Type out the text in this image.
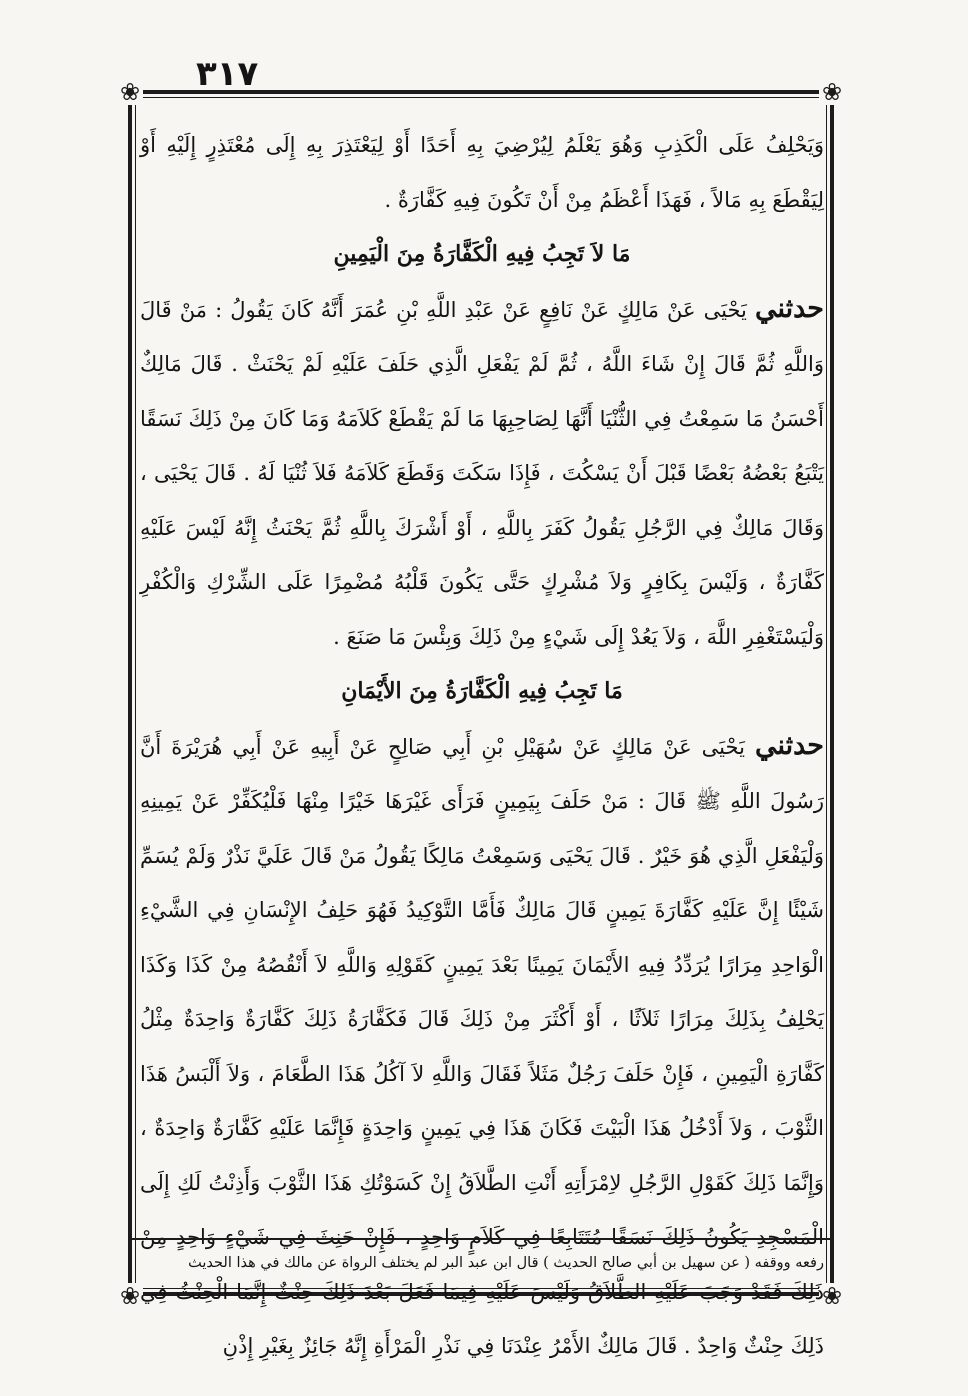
٣١٧
❀	❀
❀	❀

وَيَحْلِفُ عَلَى الْكَذِبِ وَهُوَ يَعْلَمُ لِيُرْضِيَ بِهِ أَحَدًا أَوْ لِيَعْتَذِرَ بِهِ إِلَى مُعْتَذِرٍ إِلَيْهِ أَوْ لِيَقْطَعَ بِهِ مَالاً ، فَهَذَا أَعْظَمُ مِنْ أَنْ تَكُونَ فِيهِ كَفَّارَةٌ .

مَا لاَ تَجِبُ فِيهِ الْكَفَّارَةُ مِنَ الْيَمِينِ

حدثني يَحْيَى عَنْ مَالِكٍ عَنْ نَافِعٍ عَنْ عَبْدِ اللَّهِ بْنِ عُمَرَ أَنَّهُ كَانَ يَقُولُ : مَنْ قَالَ وَاللَّهِ ثُمَّ قَالَ إِنْ شَاءَ اللَّهُ ، ثُمَّ لَمْ يَفْعَلِ الَّذِي حَلَفَ عَلَيْهِ لَمْ يَحْنَثْ . قَالَ مَالِكٌ أَحْسَنُ مَا سَمِعْتُ فِي الثُّنْيَا أَنَّهَا لِصَاحِبِهَا مَا لَمْ يَقْطَعْ كَلاَمَهُ وَمَا كَانَ مِنْ ذَلِكَ نَسَقًا يَتْبَعُ بَعْضُهُ بَعْضًا قَبْلَ أَنْ يَسْكُتَ ، فَإِذَا سَكَتَ وَقَطَعَ كَلاَمَهُ فَلاَ ثُنْيَا لَهُ . قَالَ يَحْيَى ، وَقَالَ مَالِكٌ فِي الرَّجُلِ يَقُولُ كَفَرَ بِاللَّهِ ، أَوْ أَشْرَكَ بِاللَّهِ ثُمَّ يَحْنَثُ إِنَّهُ لَيْسَ عَلَيْهِ كَفَّارَةٌ ، وَلَيْسَ بِكَافِرٍ وَلاَ مُشْرِكٍ حَتَّى يَكُونَ قَلْبُهُ مُضْمِرًا عَلَى الشِّرْكِ وَالْكُفْرِ وَلْيَسْتَغْفِرِ اللَّهَ ، وَلاَ يَعُدْ إِلَى شَيْءٍ مِنْ ذَلِكَ وَبِئْسَ مَا صَنَعَ .

مَا تَجِبُ فِيهِ الْكَفَّارَةُ مِنَ الأَيْمَانِ

حدثني يَحْيَى عَنْ مَالِكٍ عَنْ سُهَيْلِ بْنِ أَبِي صَالِحٍ عَنْ أَبِيهِ عَنْ أَبِي هُرَيْرَةَ أَنَّ رَسُولَ اللَّهِ ﷺ قَالَ : مَنْ حَلَفَ بِيَمِينٍ فَرَأَى غَيْرَهَا خَيْرًا مِنْهَا فَلْيُكَفِّرْ عَنْ يَمِينِهِ وَلْيَفْعَلِ الَّذِي هُوَ خَيْرٌ . قَالَ يَحْيَى وَسَمِعْتُ مَالِكًا يَقُولُ مَنْ قَالَ عَلَيَّ نَذْرٌ وَلَمْ يُسَمِّ شَيْئًا إِنَّ عَلَيْهِ كَفَّارَةَ يَمِينٍ قَالَ مَالِكٌ فَأَمَّا التَّوْكِيدُ فَهُوَ حَلِفُ الإِنْسَانِ فِي الشَّيْءِ الْوَاحِدِ مِرَارًا يُرَدِّدُ فِيهِ الأَيْمَانَ يَمِينًا بَعْدَ يَمِينٍ كَقَوْلِهِ وَاللَّهِ لاَ أَنْقُصُهُ مِنْ كَذَا وَكَذَا يَحْلِفُ بِذَلِكَ مِرَارًا ثَلاَثًا ، أَوْ أَكْثَرَ مِنْ ذَلِكَ قَالَ فَكَفَّارَةُ ذَلِكَ كَفَّارَةٌ وَاحِدَةٌ مِثْلُ كَفَّارَةِ الْيَمِينِ ، فَإِنْ حَلَفَ رَجُلٌ مَثَلاً فَقَالَ وَاللَّهِ لاَ آكُلُ هَذَا الطَّعَامَ ، وَلاَ أَلْبَسُ هَذَا الثَّوْبَ ، وَلاَ أَدْخُلُ هَذَا الْبَيْتَ فَكَانَ هَذَا فِي يَمِينٍ وَاحِدَةٍ فَإِنَّمَا عَلَيْهِ كَفَّارَةٌ وَاحِدَةٌ ، وَإِنَّمَا ذَلِكَ كَقَوْلِ الرَّجُلِ لاِمْرَأَتِهِ أَنْتِ الطَّلاَقُ إِنْ كَسَوْتُكِ هَذَا الثَّوْبَ وَأَذِنْتُ لَكِ إِلَى الْمَسْجِدِ يَكُونُ ذَلِكَ نَسَقًا مُتَتَابِعًا فِي كَلاَمٍ وَاحِدٍ ، فَإِنْ حَنِثَ فِي شَيْءٍ وَاحِدٍ مِنْ ذَلِكَ فَقَدْ وَجَبَ عَلَيْهِ الطَّلاَقُ وَلَيْسَ عَلَيْهِ فِيمَا فَعَلَ بَعْدَ ذَلِكَ حِنْثٌ إِنَّمَا الْحِنْثُ فِي ذَلِكَ حِنْثٌ وَاحِدٌ . قَالَ مَالِكٌ الأَمْرُ عِنْدَنَا فِي نَذْرِ الْمَرْأَةِ إِنَّهُ جَائِزٌ بِغَيْرِ إِذْنِ

رفعه ووقفه ( عن سهيل بن أبي صالح الحديث ) قال ابن عبد البر لم يختلف الرواة عن مالك في هذا الحديث
